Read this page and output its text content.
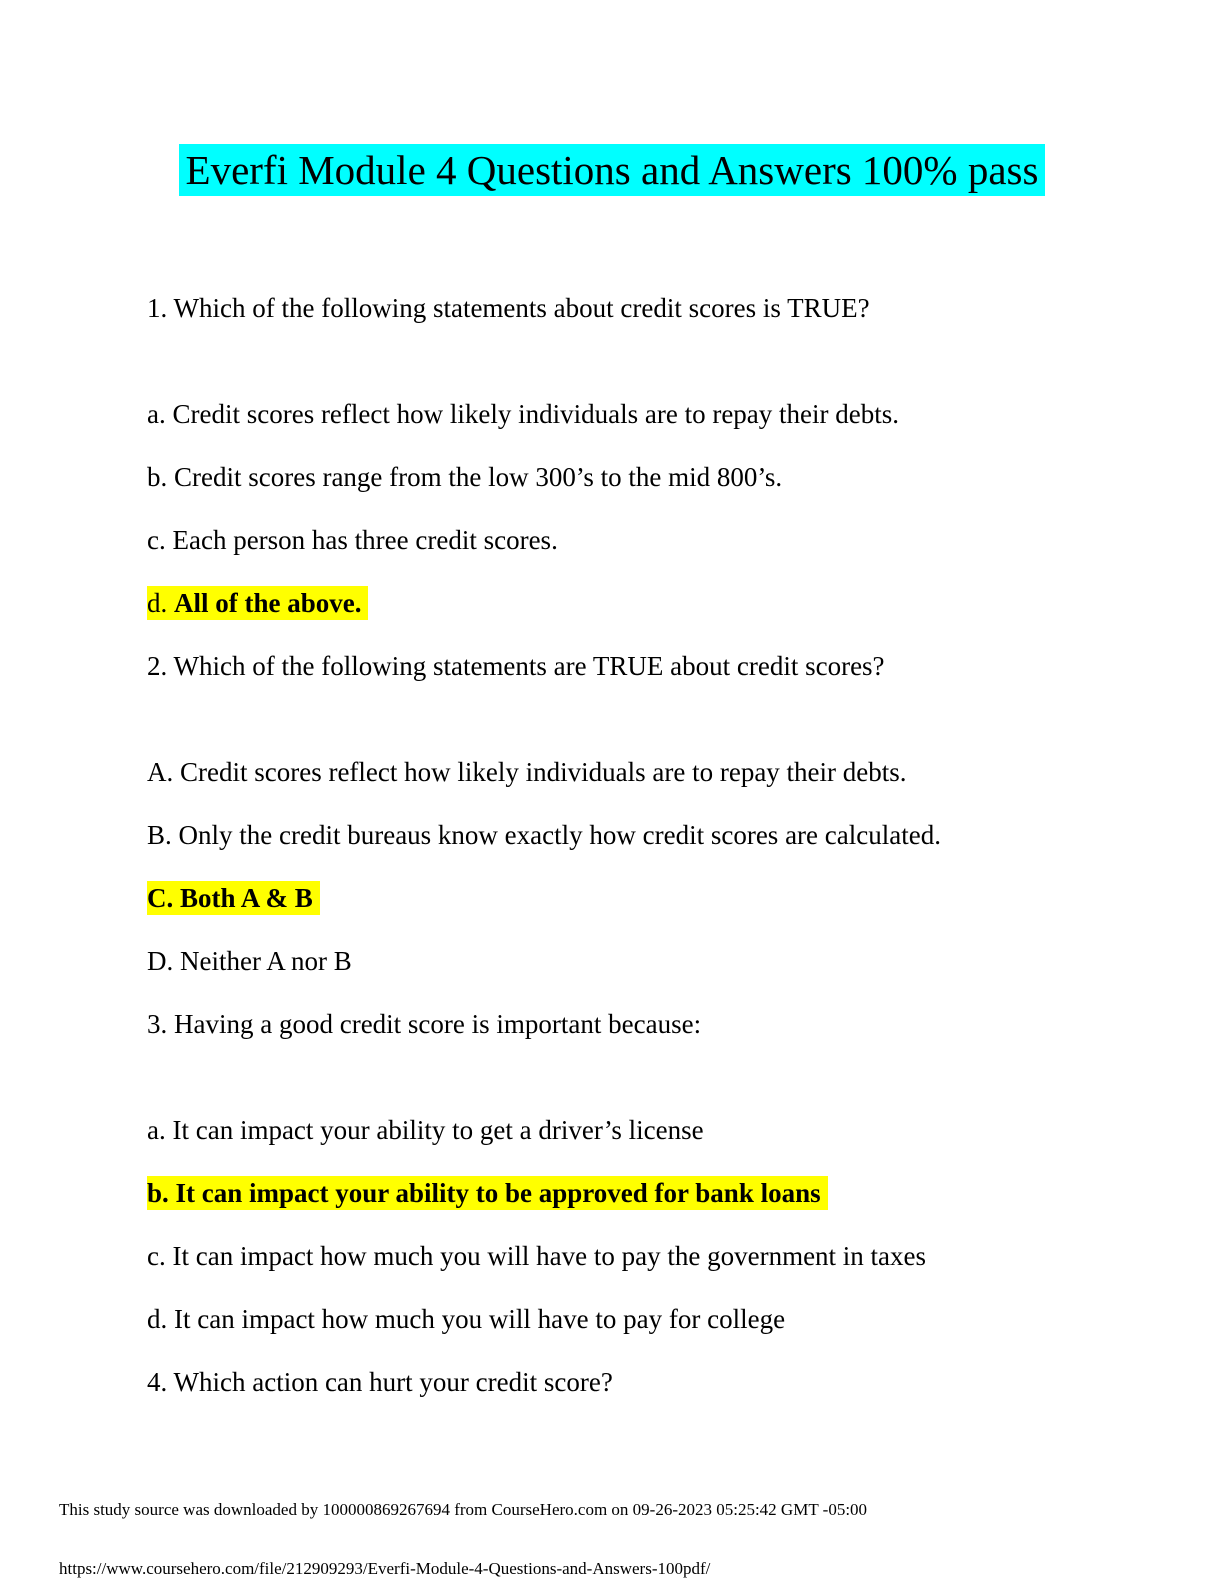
Everfi Module 4 Questions and Answers 100% pass

1. Which of the following statements about credit scores is TRUE?

a. Credit scores reflect how likely individuals are to repay their debts.

b. Credit scores range from the low 300’s to the mid 800’s.

c. Each person has three credit scores.

d. All of the above.

2. Which of the following statements are TRUE about credit scores?

A. Credit scores reflect how likely individuals are to repay their debts.

B. Only the credit bureaus know exactly how credit scores are calculated.

C. Both A & B

D. Neither A nor B

3. Having a good credit score is important because:

a. It can impact your ability to get a driver’s license

b. It can impact your ability to be approved for bank loans

c. It can impact how much you will have to pay the government in taxes

d. It can impact how much you will have to pay for college

4. Which action can hurt your credit score?

This study source was downloaded by 100000869267694 from CourseHero.com on 09-26-2023 05:25:42 GMT -05:00
https://www.coursehero.com/file/212909293/Everfi-Module-4-Questions-and-Answers-100pdf/
